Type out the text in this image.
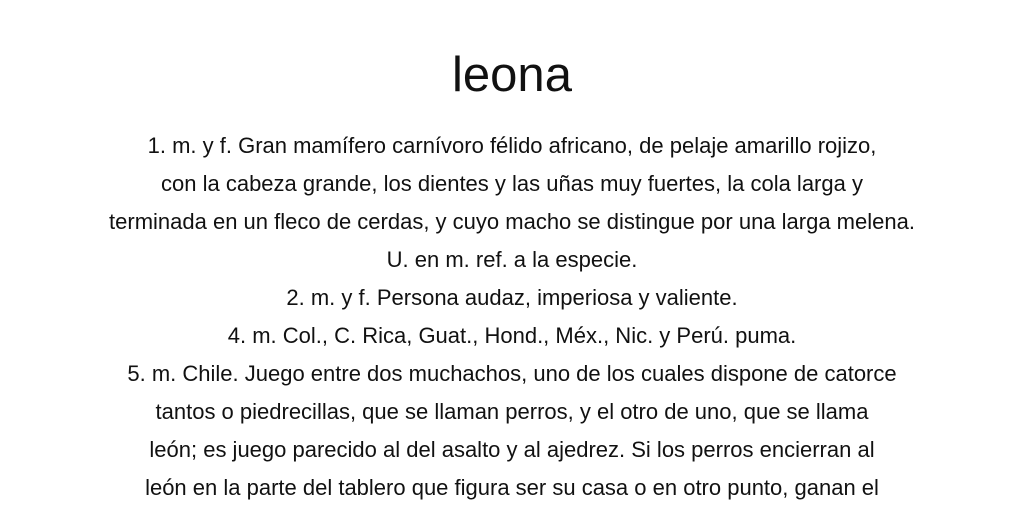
leona
1. m. y f. Gran mamífero carnívoro félido africano, de pelaje amarillo rojizo,
con la cabeza grande, los dientes y las uñas muy fuertes, la cola larga y
terminada en un fleco de cerdas, y cuyo macho se distingue por una larga melena.
U. en m. ref. a la especie.
2. m. y f. Persona audaz, imperiosa y valiente.
4. m. Col., C. Rica, Guat., Hond., Méx., Nic. y Perú. puma.
5. m. Chile. Juego entre dos muchachos, uno de los cuales dispone de catorce
tantos o piedrecillas, que se llaman perros, y el otro de uno, que se llama
león; es juego parecido al del asalto y al ajedrez. Si los perros encierran al
león en la parte del tablero que figura ser su casa o en otro punto, ganan el
